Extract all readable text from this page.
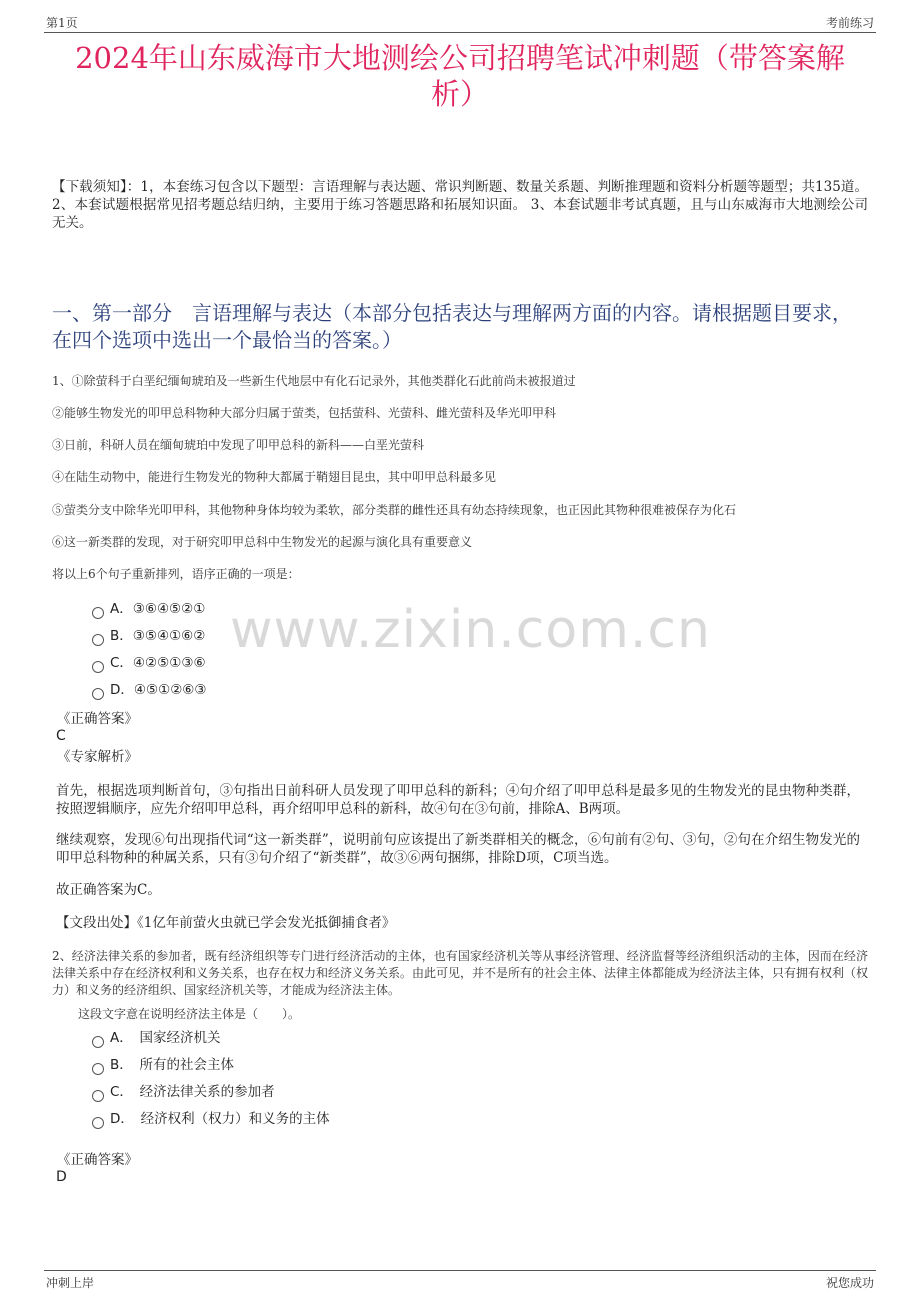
第1页	考前练习
2024年山东威海市大地测绘公司招聘笔试冲刺题（带答案解析）
【下载须知】：1，本套练习包含以下题型：言语理解与表达题、常识判断题、数量关系题、判断推理题和资料分析题等题型；共135道。 2、本套试题根据常见招考题总结归纳，主要用于练习答题思路和拓展知识面。 3、本套试题非考试真题，且与山东威海市大地测绘公司无关。
一、第一部分　言语理解与表达（本部分包括表达与理解两方面的内容。请根据题目要求，在四个选项中选出一个最恰当的答案。）
1、①除萤科于白垩纪缅甸琥珀及一些新生代地层中有化石记录外，其他类群化石此前尚未被报道过
②能够生物发光的叩甲总科物种大部分归属于萤类，包括萤科、光萤科、雌光萤科及华光叩甲科
③日前，科研人员在缅甸琥珀中发现了叩甲总科的新科——白垩光萤科
④在陆生动物中，能进行生物发光的物种大都属于鞘翅目昆虫，其中叩甲总科最多见
⑤萤类分支中除华光叩甲科，其他物种身体均较为柔软，部分类群的雌性还具有幼态持续现象，也正因此其物种很难被保存为化石
⑥这一新类群的发现，对于研究叩甲总科中生物发光的起源与演化具有重要意义
将以上6个句子重新排列，语序正确的一项是：
www.zixin.com.cn
A．③⑥④⑤②①
B．③⑤④①⑥②
C．④②⑤①③⑥
D．④⑤①②⑥③
《正确答案》
C
《专家解析》
首先，根据选项判断首句，③句指出日前科研人员发现了叩甲总科的新科；④句介绍了叩甲总科是最多见的生物发光的昆虫物种类群，按照逻辑顺序，应先介绍叩甲总科，再介绍叩甲总科的新科，故④句在③句前，排除A、B两项。
继续观察，发现⑥句出现指代词“这一新类群”，说明前句应该提出了新类群相关的概念，⑥句前有②句、③句，②句在介绍生物发光的叩甲总科物种的种属关系，只有③句介绍了“新类群”，故③⑥两句捆绑，排除D项，C项当选。
故正确答案为C。
【文段出处】《1亿年前萤火虫就已学会发光抵御捕食者》
2、经济法律关系的参加者，既有经济组织等专门进行经济活动的主体，也有国家经济机关等从事经济管理、经济监督等经济组织活动的主体，因而在经济法律关系中存在经济权利和义务关系，也存在权力和经济义务关系。由此可见，并不是所有的社会主体、法律主体都能成为经济法主体，只有拥有权利（权力）和义务的经济组织、国家经济机关等，才能成为经济法主体。
这段文字意在说明经济法主体是（　　）。
A．　国家经济机关
B．　所有的社会主体
C．　经济法律关系的参加者
D．　经济权利（权力）和义务的主体
《正确答案》
D
冲刺上岸	祝您成功
